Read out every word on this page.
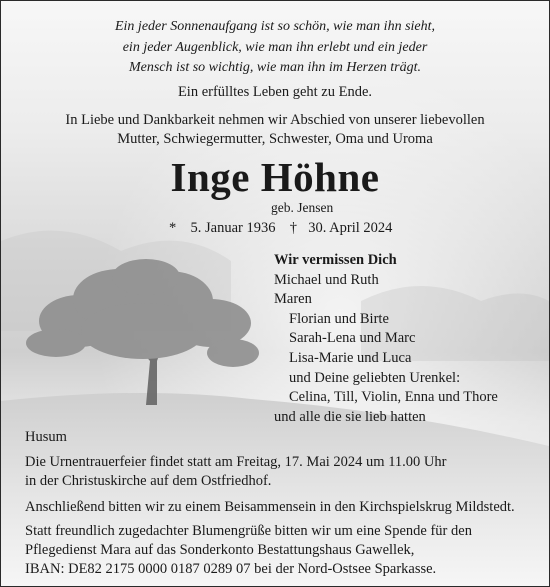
Ein jeder Sonnenaufgang ist so schön, wie man ihn sieht,
ein jeder Augenblick, wie man ihn erlebt und ein jeder
Mensch ist so wichtig, wie man ihn im Herzen trägt.
Ein erfülltes Leben geht zu Ende.
In Liebe und Dankbarkeit nehmen wir Abschied von unserer liebevollen
Mutter, Schwiegermutter, Schwester, Oma und Uroma
Inge Höhne
geb. Jensen
* 5. Januar 1936 † 30. April 2024
Wir vermissen Dich
Michael und Ruth
Maren
Florian und Birte
Sarah-Lena und Marc
Lisa-Marie und Luca
und Deine geliebten Urenkel:
Celina, Till, Violin, Enna und Thore
und alle die sie lieb hatten
Husum
Die Urnentrauerfeier findet statt am Freitag, 17. Mai 2024 um 11.00 Uhr
in der Christuskirche auf dem Ostfriedhof.
Anschließend bitten wir zu einem Beisammensein in den Kirchspielskrug Mildstedt.
Statt freundlich zugedachter Blumengrüße bitten wir um eine Spende für den
Pflegedienst Mara auf das Sonderkonto Bestattungshaus Gawellek,
IBAN: DE82 2175 0000 0187 0289 07 bei der Nord-Ostsee Sparkasse.
